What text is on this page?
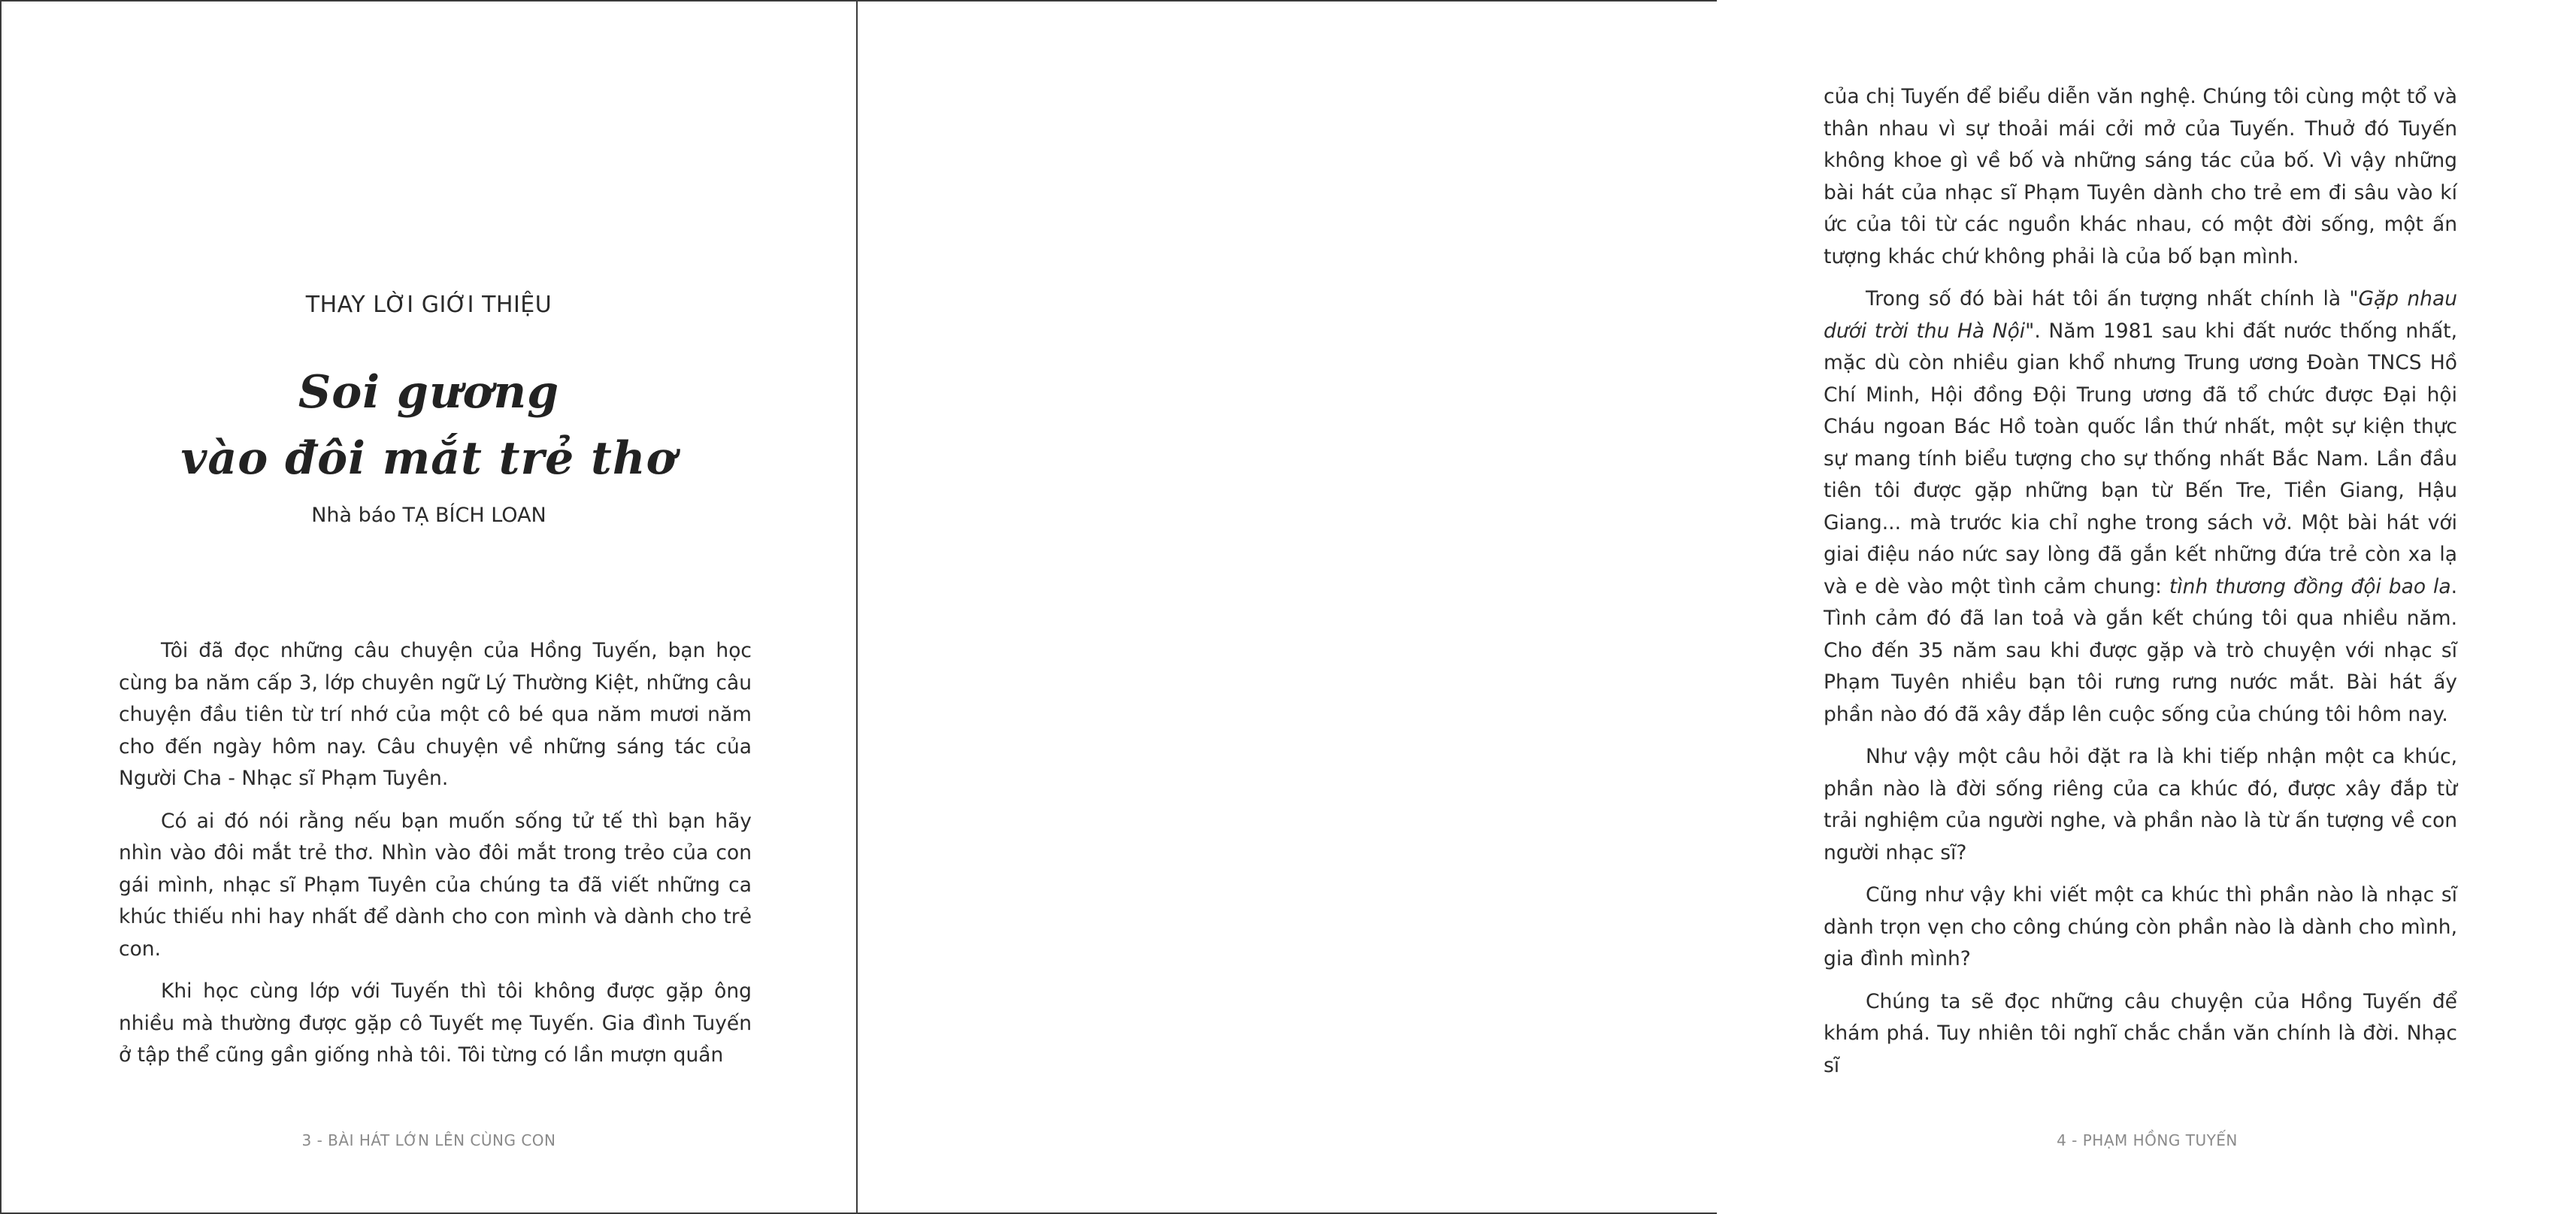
THAY LỜI GIỚI THIỆU
Soi gương
vào đôi mắt trẻ thơ
Nhà báo TẠ BÍCH LOAN

Tôi đã đọc những câu chuyện của Hồng Tuyến, bạn học cùng ba năm cấp 3, lớp chuyên ngữ Lý Thường Kiệt, những câu chuyện đầu tiên từ trí nhớ của một cô bé qua năm mươi năm cho đến ngày hôm nay. Câu chuyện về những sáng tác của Người Cha - Nhạc sĩ Phạm Tuyên.

Có ai đó nói rằng nếu bạn muốn sống tử tế thì bạn hãy nhìn vào đôi mắt trẻ thơ. Nhìn vào đôi mắt trong trẻo của con gái mình, nhạc sĩ Phạm Tuyên của chúng ta đã viết những ca khúc thiếu nhi hay nhất để dành cho con mình và dành cho trẻ con.

Khi học cùng lớp với Tuyến thì tôi không được gặp ông nhiều mà thường được gặp cô Tuyết mẹ Tuyến. Gia đình Tuyến ở tập thể cũng gần giống nhà tôi. Tôi từng có lần mượn quần

3 - BÀI HÁT LỚN LÊN CÙNG CON

của chị Tuyến để biểu diễn văn nghệ. Chúng tôi cùng một tổ và thân nhau vì sự thoải mái cởi mở của Tuyến. Thuở đó Tuyến không khoe gì về bố và những sáng tác của bố. Vì vậy những bài hát của nhạc sĩ Phạm Tuyên dành cho trẻ em đi sâu vào kí ức của tôi từ các nguồn khác nhau, có một đời sống, một ấn tượng khác chứ không phải là của bố bạn mình.

Trong số đó bài hát tôi ấn tượng nhất chính là "Gặp nhau dưới trời thu Hà Nội". Năm 1981 sau khi đất nước thống nhất, mặc dù còn nhiều gian khổ nhưng Trung ương Đoàn TNCS Hồ Chí Minh, Hội đồng Đội Trung ương đã tổ chức được Đại hội Cháu ngoan Bác Hồ toàn quốc lần thứ nhất, một sự kiện thực sự mang tính biểu tượng cho sự thống nhất Bắc Nam. Lần đầu tiên tôi được gặp những bạn từ Bến Tre, Tiền Giang, Hậu Giang... mà trước kia chỉ nghe trong sách vở. Một bài hát với giai điệu náo nức say lòng đã gắn kết những đứa trẻ còn xa lạ và e dè vào một tình cảm chung: tình thương đồng đội bao la. Tình cảm đó đã lan toả và gắn kết chúng tôi qua nhiều năm. Cho đến 35 năm sau khi được gặp và trò chuyện với nhạc sĩ Phạm Tuyên nhiều bạn tôi rưng rưng nước mắt. Bài hát ấy phần nào đó đã xây đắp lên cuộc sống của chúng tôi hôm nay.

Như vậy một câu hỏi đặt ra là khi tiếp nhận một ca khúc, phần nào là đời sống riêng của ca khúc đó, được xây đắp từ trải nghiệm của người nghe, và phần nào là từ ấn tượng về con người nhạc sĩ?

Cũng như vậy khi viết một ca khúc thì phần nào là nhạc sĩ dành trọn vẹn cho công chúng còn phần nào là dành cho mình, gia đình mình?

Chúng ta sẽ đọc những câu chuyện của Hồng Tuyến để khám phá. Tuy nhiên tôi nghĩ chắc chắn văn chính là đời. Nhạc sĩ

4 - PHẠM HỒNG TUYẾN
